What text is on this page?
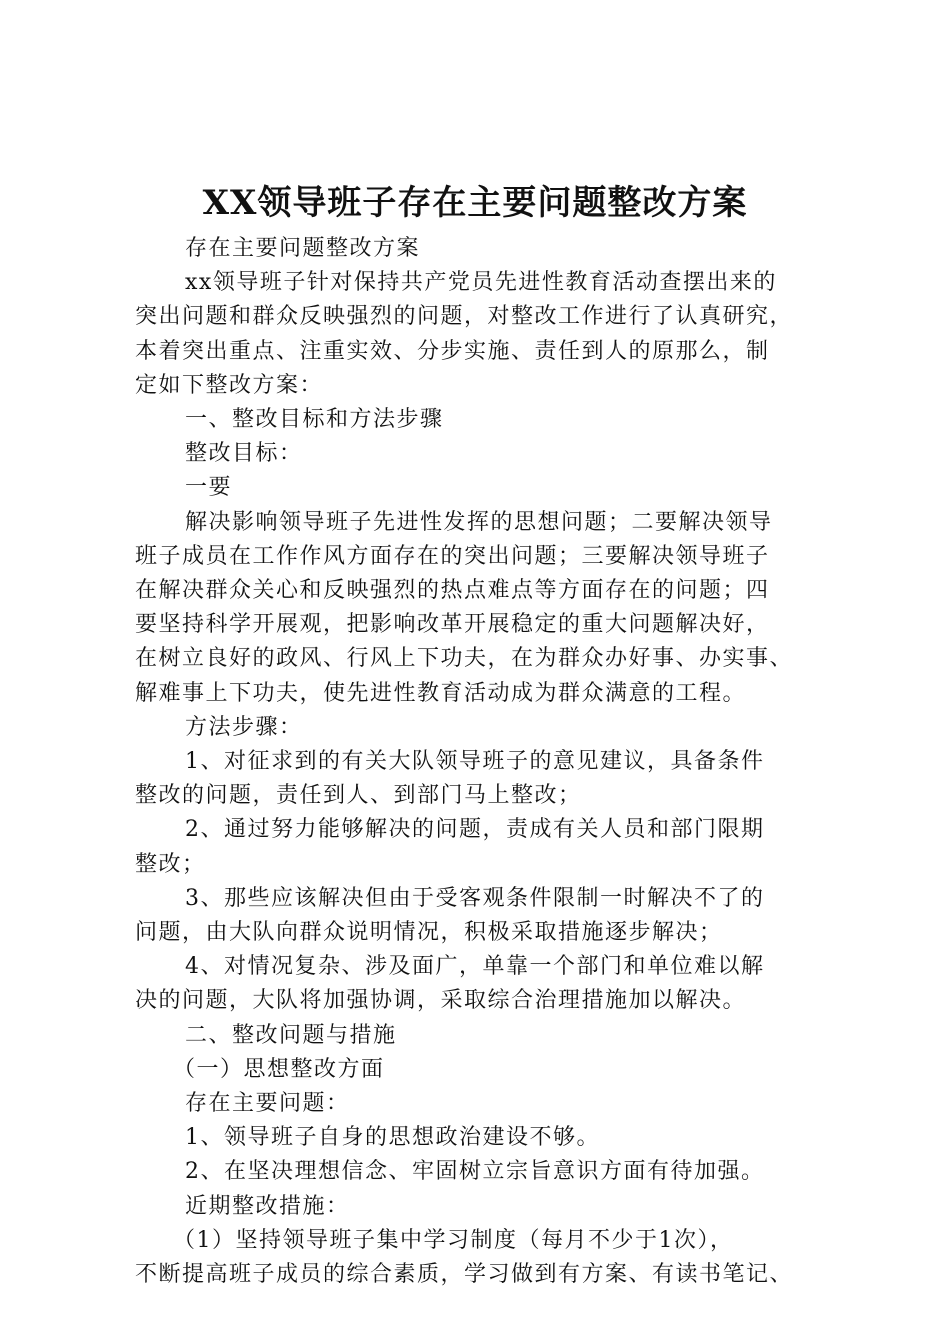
XX领导班子存在主要问题整改方案
存在主要问题整改方案
xx领导班子针对保持共产党员先进性教育活动查摆出来的
突出问题和群众反映强烈的问题，对整改工作进行了认真研究，
本着突出重点、注重实效、分步实施、责任到人的原那么，制
定如下整改方案：
一、整改目标和方法步骤
整改目标：
一要
解决影响领导班子先进性发挥的思想问题；二要解决领导
班子成员在工作作风方面存在的突出问题；三要解决领导班子
在解决群众关心和反映强烈的热点难点等方面存在的问题；四
要坚持科学开展观，把影响改革开展稳定的重大问题解决好，
在树立良好的政风、行风上下功夫，在为群众办好事、办实事、
解难事上下功夫，使先进性教育活动成为群众满意的工程。
方法步骤：
1、对征求到的有关大队领导班子的意见建议，具备条件
整改的问题，责任到人、到部门马上整改；
2、通过努力能够解决的问题，责成有关人员和部门限期
整改；
3、那些应该解决但由于受客观条件限制一时解决不了的
问题，由大队向群众说明情况，积极采取措施逐步解决；
4、对情况复杂、涉及面广，单靠一个部门和单位难以解
决的问题，大队将加强协调，采取综合治理措施加以解决。
二、整改问题与措施
（一）思想整改方面
存在主要问题：
1、领导班子自身的思想政治建设不够。
2、在坚决理想信念、牢固树立宗旨意识方面有待加强。
近期整改措施：
（1）坚持领导班子集中学习制度（每月不少于1次），
不断提高班子成员的综合素质，学习做到有方案、有读书笔记、
